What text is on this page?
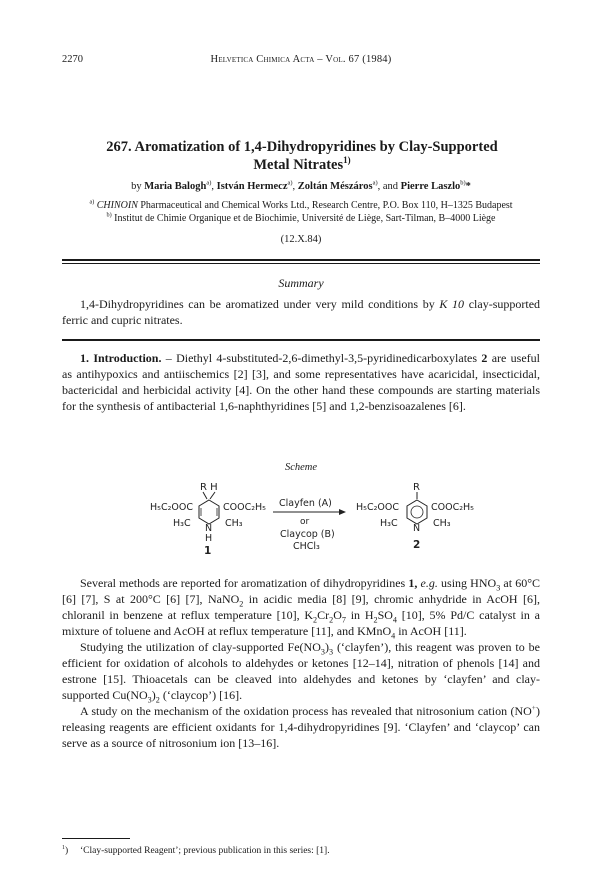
2270	Helvetica Chimica Acta – Vol. 67 (1984)
267. Aromatization of 1,4-Dihydropyridines by Clay-Supported Metal Nitrates$^{1)}$
by Maria Balogh$^{a)}$, István Hermecz$^{a)}$, Zoltán Mészáros$^{a)}$, and Pierre Laszlo$^{b)}$*
$^{a)}$ CHINOIN Pharmaceutical and Chemical Works Ltd., Research Centre, P.O. Box 110, H–1325 Budapest
$^{b)}$ Institut de Chimie Organique et de Biochimie, Université de Liège, Sart-Tilman, B–4000 Liège
(12.X.84)
Summary
1,4-Dihydropyridines can be aromatized under very mild conditions by K 10 clay-supported ferric and cupric nitrates.

1. Introduction. – Diethyl 4-substituted-2,6-dimethyl-3,5-pyridinedicarboxylates 2 are useful as antihypoxics and antiischemics [2] [3], and some representatives have acaricidal, insecticidal, bactericidal and herbicidal activity [4]. On the other hand these compounds are starting materials for the synthesis of antibacterial 1,6-naphthyridines [5] and 1,2-benzisoazalenes [6].

Scheme
R H
H₅C₂OOC	COOC₂H₅
H₃C N CH₃
H
1
Clayfen (A)
or
Claycop (B)
CHCl₃
R
H₅C₂OOC	COOC₂H₅
H₃C N CH₃
2

Several methods are reported for aromatization of dihydropyridines 1, e.g. using $HNO_3$ at 60°C [6] [7], S at 200°C [6] [7], NaNO$_2$ in acidic media [8] [9], chromic anhydride in AcOH [6], chloranil in benzene at reflux temperature [10], $K_2Cr_2O_7$ in $H_2SO_4$ [10], 5% Pd/C catalyst in a mixture of toluene and AcOH at reflux temperature [11], and KMnO$_4$ in AcOH [11].

Studying the utilization of clay-supported $Fe(NO_3)_3$ (‘clayfen’), this reagent was proven to be efficient for oxidation of alcohols to aldehydes or ketones [12–14], nitration of phenols [14] and estrone [15]. Thioacetals can be cleaved into aldehydes and ketones by ‘clayfen’ and clay-supported $Cu(NO_3)_2$ (‘claycop’) [16].

A study on the mechanism of the oxidation process has revealed that nitrosonium cation (NO+) releasing reagents are efficient oxidants for 1,4-dihydropyridines [9]. ‘Clayfen’ and ‘claycop’ can serve as a source of nitrosonium ion [13–16].

$^1$) ‘Clay-supported Reagent’; previous publication in this series: [1].
